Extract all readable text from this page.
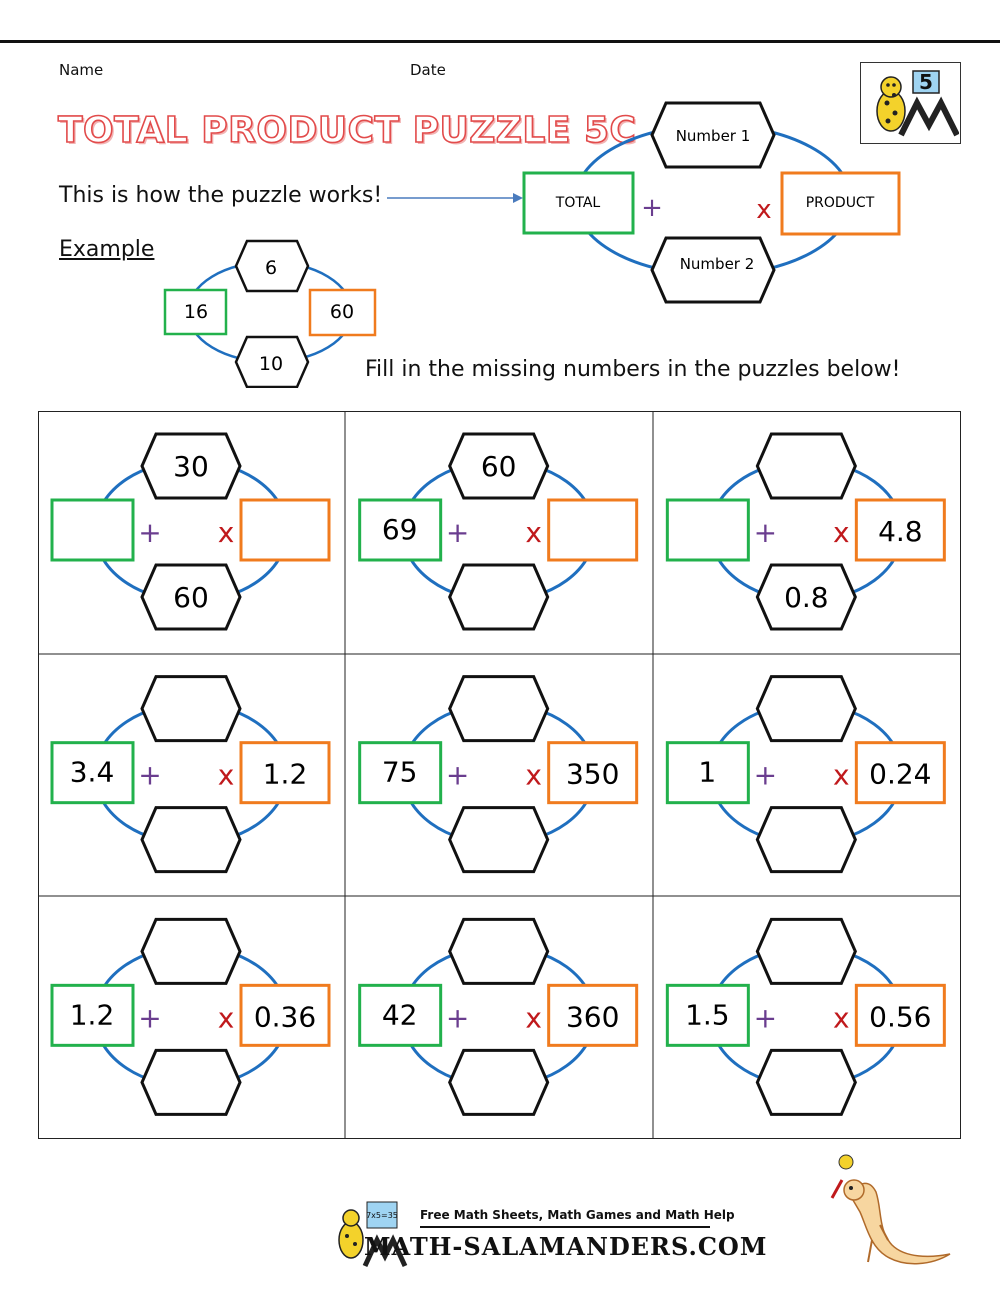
Name	Date
TOTAL PRODUCT PUZZLE 5C
5
This is how the puzzle works!
Number 1
Number 2
TOTAL	PRODUCT
+	x
Example
6
10
16	60
Fill in the missing numbers in the puzzles below!
30
60
+ x
60
69 + x
0.8
4.8
+ x
3.4	1.2
+ x	75	350
+ x	1	0.24
+ x
1.2	0.36
+ x	42	360
+ x	1.5	0.56
+ x
7x5=35 Free Math Sheets, Math Games and Math Help
MATH-SALAMANDERS.COM
